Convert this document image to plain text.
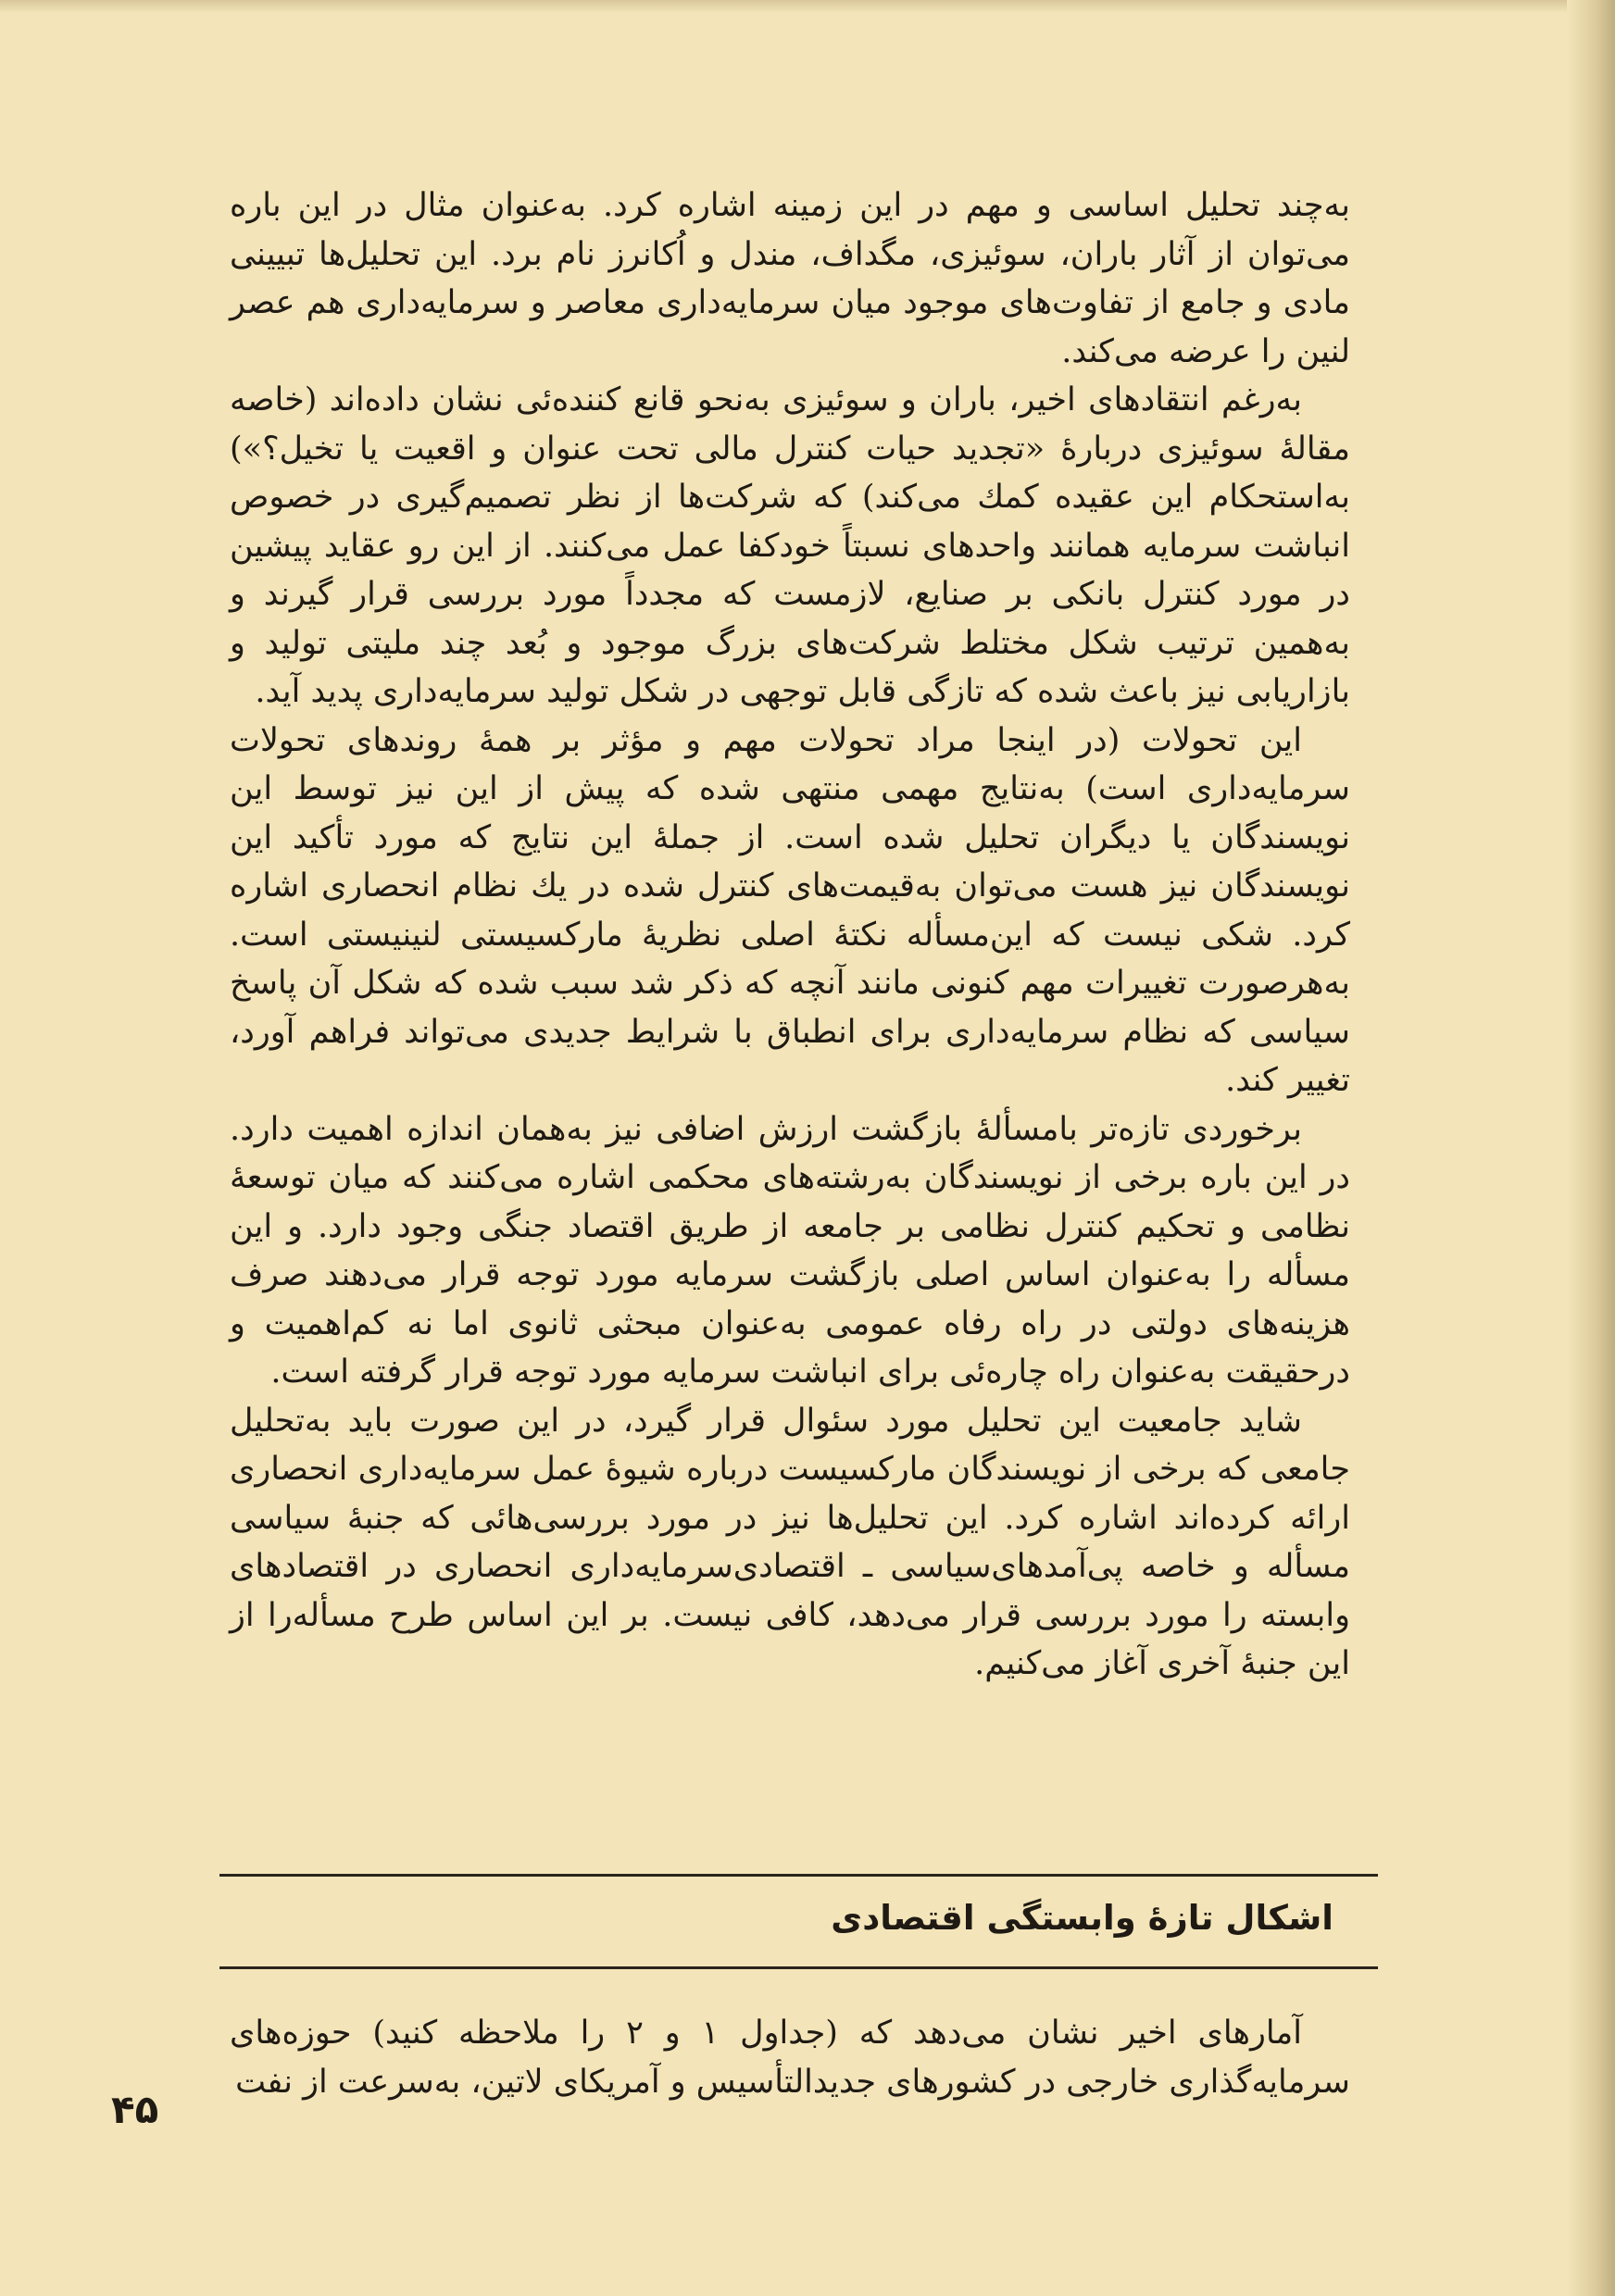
به‌چند تحلیل اساسی و مهم در این زمینه اشاره کرد. به‌عنوان مثال در این باره می‌توان از آثار باران، سوئیزی، مگداف، مندل و اُکانرز نام برد. این تحلیل‌ها تبیینی مادی و جامع از تفاوت‌های موجود میان سرمایه‌داری معاصر و سرمایه‌داری هم عصر لنین را عرضه می‌کند.

به‌رغم انتقادهای اخیر، باران و سوئیزی به‌نحو قانع کننده‌ئی نشان داده‌اند (خاصه مقالهٔ سوئیزی دربارهٔ «تجدید حیات کنترل مالی تحت عنوان و اقعیت یا تخیل؟») به‌استحکام این عقیده کمك می‌کند) که شرکت‌ها از نظر تصمیم‌گیری در خصوص انباشت سرمایه همانند واحدهای نسبتاً خودکفا عمل می‌کنند. از این رو عقاید پیشین در مورد کنترل بانکی بر صنایع، لازمست که مجدداً مورد بررسی قرار گیرند و به‌همین ترتیب شکل مختلط شرکت‌های بزرگ موجود و بُعد چند ملیتی تولید و بازاریابی نیز باعث شده که تازگی قابل توجهی در شکل تولید سرمایه‌داری پدید آید.

این تحولات (در اینجا مراد تحولات مهم و مؤثر بر همهٔ روندهای تحولات سرمایه‌داری است) به‌نتایج مهمی منتهی شده که پیش از این نیز توسط این نویسندگان یا دیگران تحلیل شده است. از جملهٔ این نتایج که مورد تأکید این نویسندگان نیز هست می‌توان به‌قیمت‌های کنترل شده در یك نظام انحصاری اشاره کرد. شکی نیست که این‌مسأله نکتهٔ اصلی نظریهٔ مارکسیستی لنینیستی است. به‌هرصورت تغییرات مهم کنونی مانند آنچه که ذکر شد سبب شده که شکل آن پاسخ سیاسی که نظام سرمایه‌داری برای انطباق با شرایط جدیدی می‌تواند فراهم آورد، تغییر کند.

برخوردی تازه‌تر بامسألهٔ بازگشت ارزش اضافی نیز به‌همان اندازه اهمیت دارد. در این باره برخی از نویسندگان به‌رشته‌های محکمی اشاره می‌کنند که میان توسعهٔ نظامی و تحکیم کنترل نظامی بر جامعه از طریق اقتصاد جنگی وجود دارد. و این مسأله را به‌عنوان اساس اصلی بازگشت سرمایه مورد توجه قرار می‌دهند صرف هزینه‌های دولتی در راه رفاه عمومی به‌عنوان مبحثی ثانوی اما نه کم‌اهمیت و درحقیقت به‌عنوان راه چاره‌ئی برای انباشت سرمایه مورد توجه قرار گرفته است.

شاید جامعیت این تحلیل مورد سئوال قرار گیرد، در این صورت باید به‌تحلیل جامعی که برخی از نویسندگان مارکسیست درباره شیوهٔ عمل سرمایه‌داری انحصاری ارائه کرده‌اند اشاره کرد. این تحلیل‌ها نیز در مورد بررسی‌هائی که جنبهٔ سیاسی مسأله و خاصه پی‌آمدهای‌سیاسی ـ اقتصادی‌سرمایه‌داری انحصاری در اقتصادهای وابسته را مورد بررسی قرار می‌دهد، کافی نیست. بر این اساس طرح مسأله‌را از این جنبهٔ آخری آغاز می‌کنیم.

اشکال تازهٔ وابستگی اقتصادی

آمارهای اخیر نشان می‌دهد که (جداول ۱ و ۲ را ملاحظه کنید) حوزه‌های سرمایه‌گذاری خارجی در کشورهای جدیدالتأسیس و آمریکای لاتین، به‌سرعت از نفت

۴۵
